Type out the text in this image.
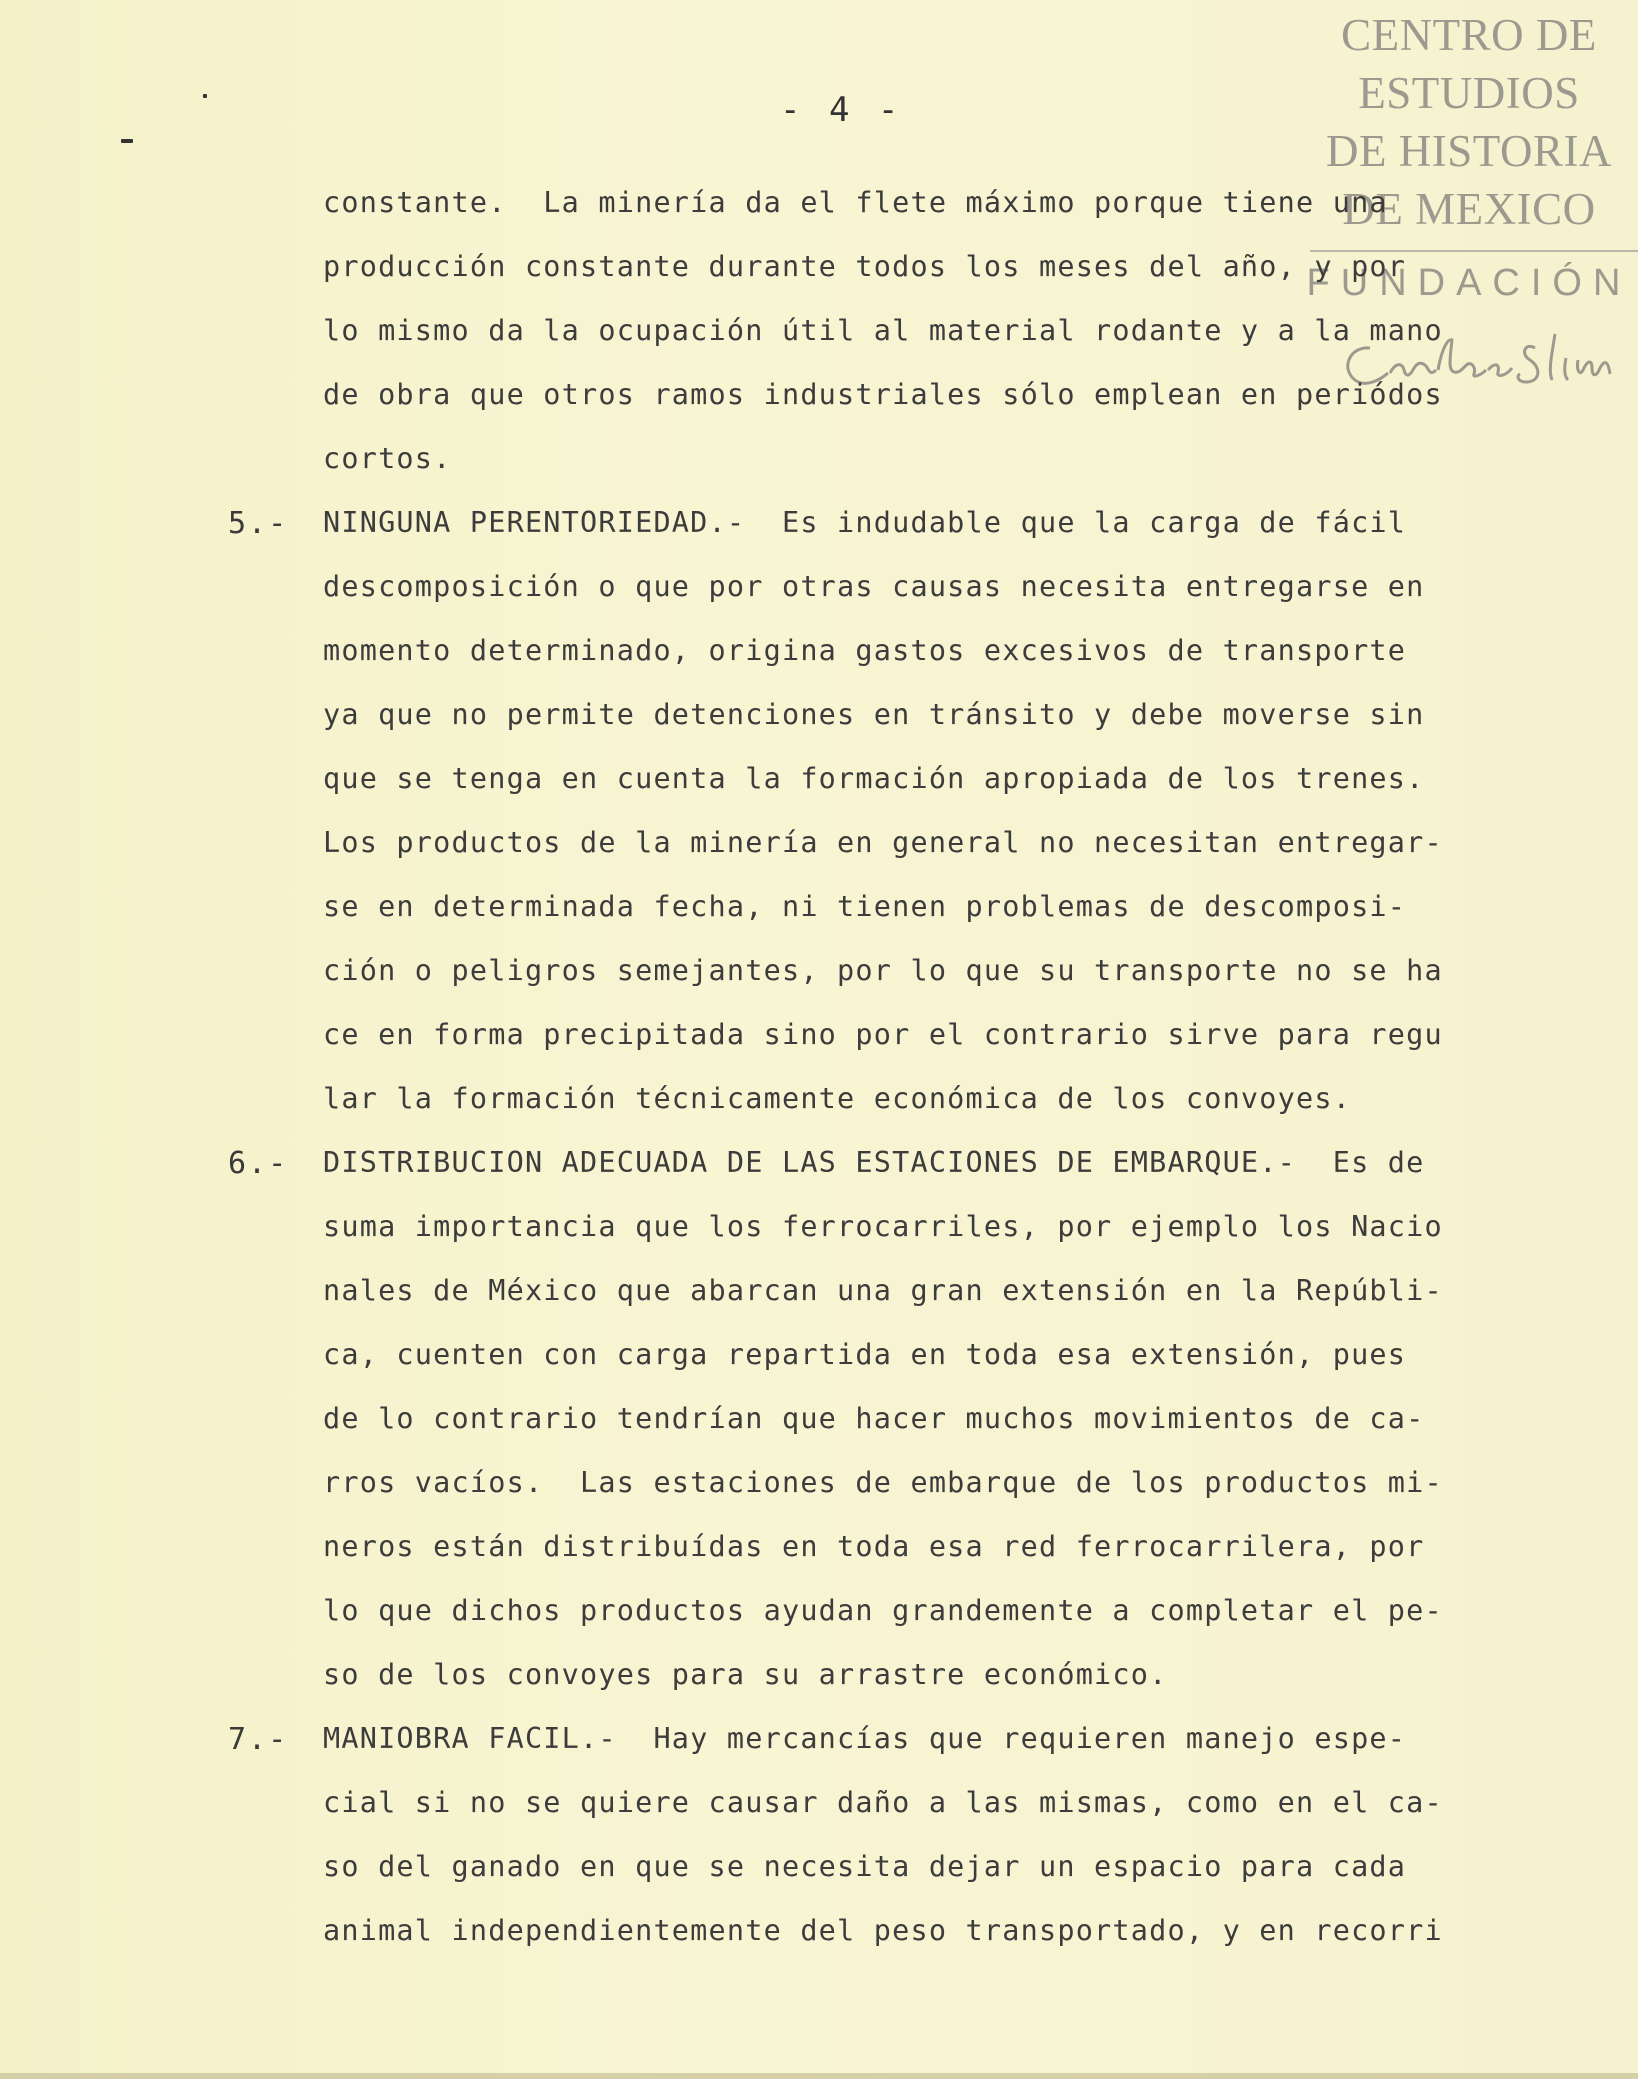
- 4 -
CENTRO DE
ESTUDIOS
DE HISTORIA
DE MEXICO
FUNDACIÓN
constante.  La minería da el flete máximo porque tiene una
producción constante durante todos los meses del año, y por
lo mismo da la ocupación útil al material rodante y a la mano
de obra que otros ramos industriales sólo emplean en periódos
cortos.
5.- NINGUNA PERENTORIEDAD.-  Es indudable que la carga de fácil
descomposición o que por otras causas necesita entregarse en
momento determinado, origina gastos excesivos de transporte
ya que no permite detenciones en tránsito y debe moverse sin
que se tenga en cuenta la formación apropiada de los trenes.
Los productos de la minería en general no necesitan entregar-
se en determinada fecha, ni tienen problemas de descomposi-
ción o peligros semejantes, por lo que su transporte no se ha
ce en forma precipitada sino por el contrario sirve para regu
lar la formación técnicamente económica de los convoyes.
6.- DISTRIBUCION ADECUADA DE LAS ESTACIONES DE EMBARQUE.-  Es de
suma importancia que los ferrocarriles, por ejemplo los Nacio
nales de México que abarcan una gran extensión en la Repúbli-
ca, cuenten con carga repartida en toda esa extensión, pues
de lo contrario tendrían que hacer muchos movimientos de ca-
rros vacíos.  Las estaciones de embarque de los productos mi-
neros están distribuídas en toda esa red ferrocarrilera, por
lo que dichos productos ayudan grandemente a completar el pe-
so de los convoyes para su arrastre económico.
7.- MANIOBRA FACIL.-  Hay mercancías que requieren manejo espe-
cial si no se quiere causar daño a las mismas, como en el ca-
so del ganado en que se necesita dejar un espacio para cada
animal independientemente del peso transportado, y en recorri
